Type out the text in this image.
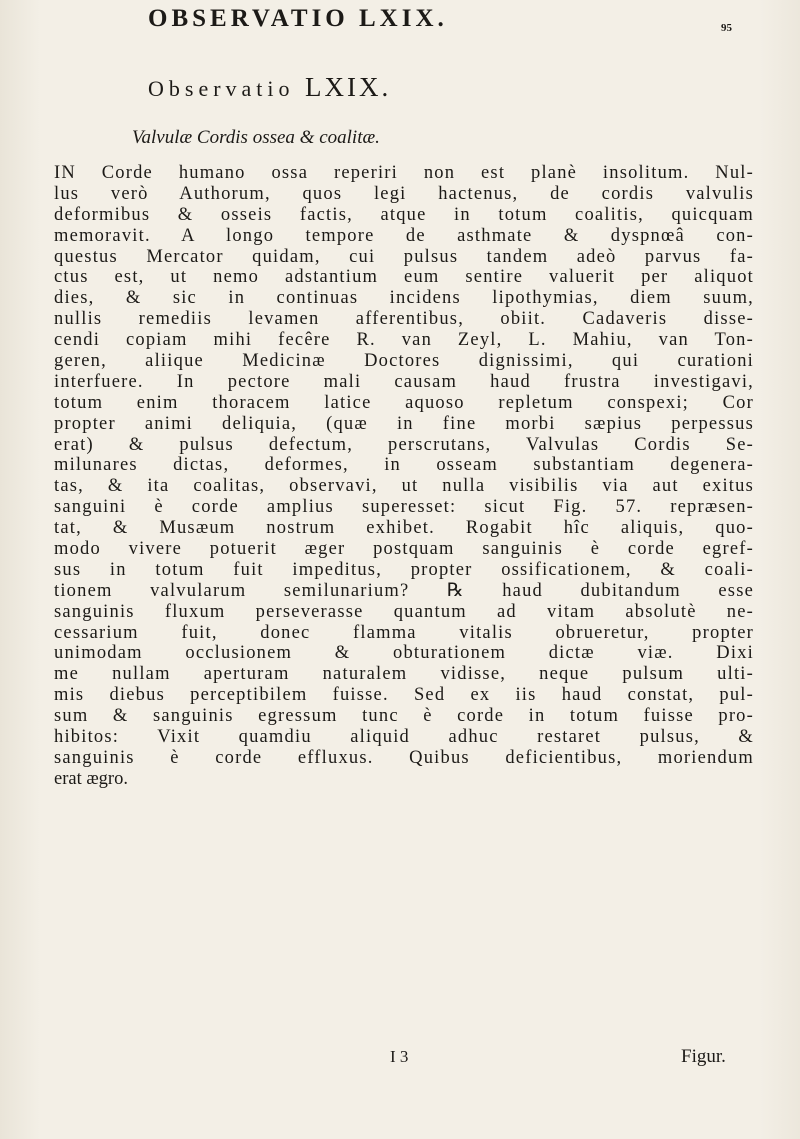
OBSERVATIO LXIX.	95
Observatio LXIX.
Valvulæ Cordis ossea & coalitæ.
IN Corde humano ossa reperiri non est planè insolitum. Nul-
lus verò Authorum, quos legi hactenus, de cordis valvulis
deformibus & osseis factis, atque in totum coalitis, quicquam
memoravit. A longo tempore de asthmate & dyspnœâ con-
questus Mercator quidam, cui pulsus tandem adeò parvus fa-
ctus est, ut nemo adstantium eum sentire valuerit per aliquot
dies, & sic in continuas incidens lipothymias, diem suum,
nullis remediis levamen afferentibus, obiit. Cadaveris disse-
cendi copiam mihi fecêre R. van Zeyl, L. Mahiu, van Ton-
geren, aliique Medicinæ Doctores dignissimi, qui curationi
interfuere. In pectore mali causam haud frustra investigavi,
totum enim thoracem latice aquoso repletum conspexi; Cor
propter animi deliquia, (quæ in fine morbi sæpius perpessus
erat) & pulsus defectum, perscrutans, Valvulas Cordis Se-
milunares dictas, deformes, in osseam substantiam degenera-
tas, & ita coalitas, observavi, ut nulla visibilis via aut exitus
sanguini è corde amplius superesset: sicut Fig. 57. repræsen-
tat, & Musæum nostrum exhibet. Rogabit hîc aliquis, quo-
modo vivere potuerit æger postquam sanguinis è corde egref-
sus in totum fuit impeditus, propter ossificationem, & coali-
tionem valvularum semilunarium? ℞ haud dubitandum esse
sanguinis fluxum perseverasse quantum ad vitam absolutè ne-
cessarium fuit, donec flamma vitalis obrueretur, propter
unimodam occlusionem & obturationem dictæ viæ. Dixi
me nullam aperturam naturalem vidisse, neque pulsum ulti-
mis diebus perceptibilem fuisse. Sed ex iis haud constat, pul-
sum & sanguinis egressum tunc è corde in totum fuisse pro-
hibitos: Vixit quamdiu aliquid adhuc restaret pulsus, &
sanguinis è corde effluxus. Quibus deficientibus, moriendum
erat ægro.
I 3	Figur.
